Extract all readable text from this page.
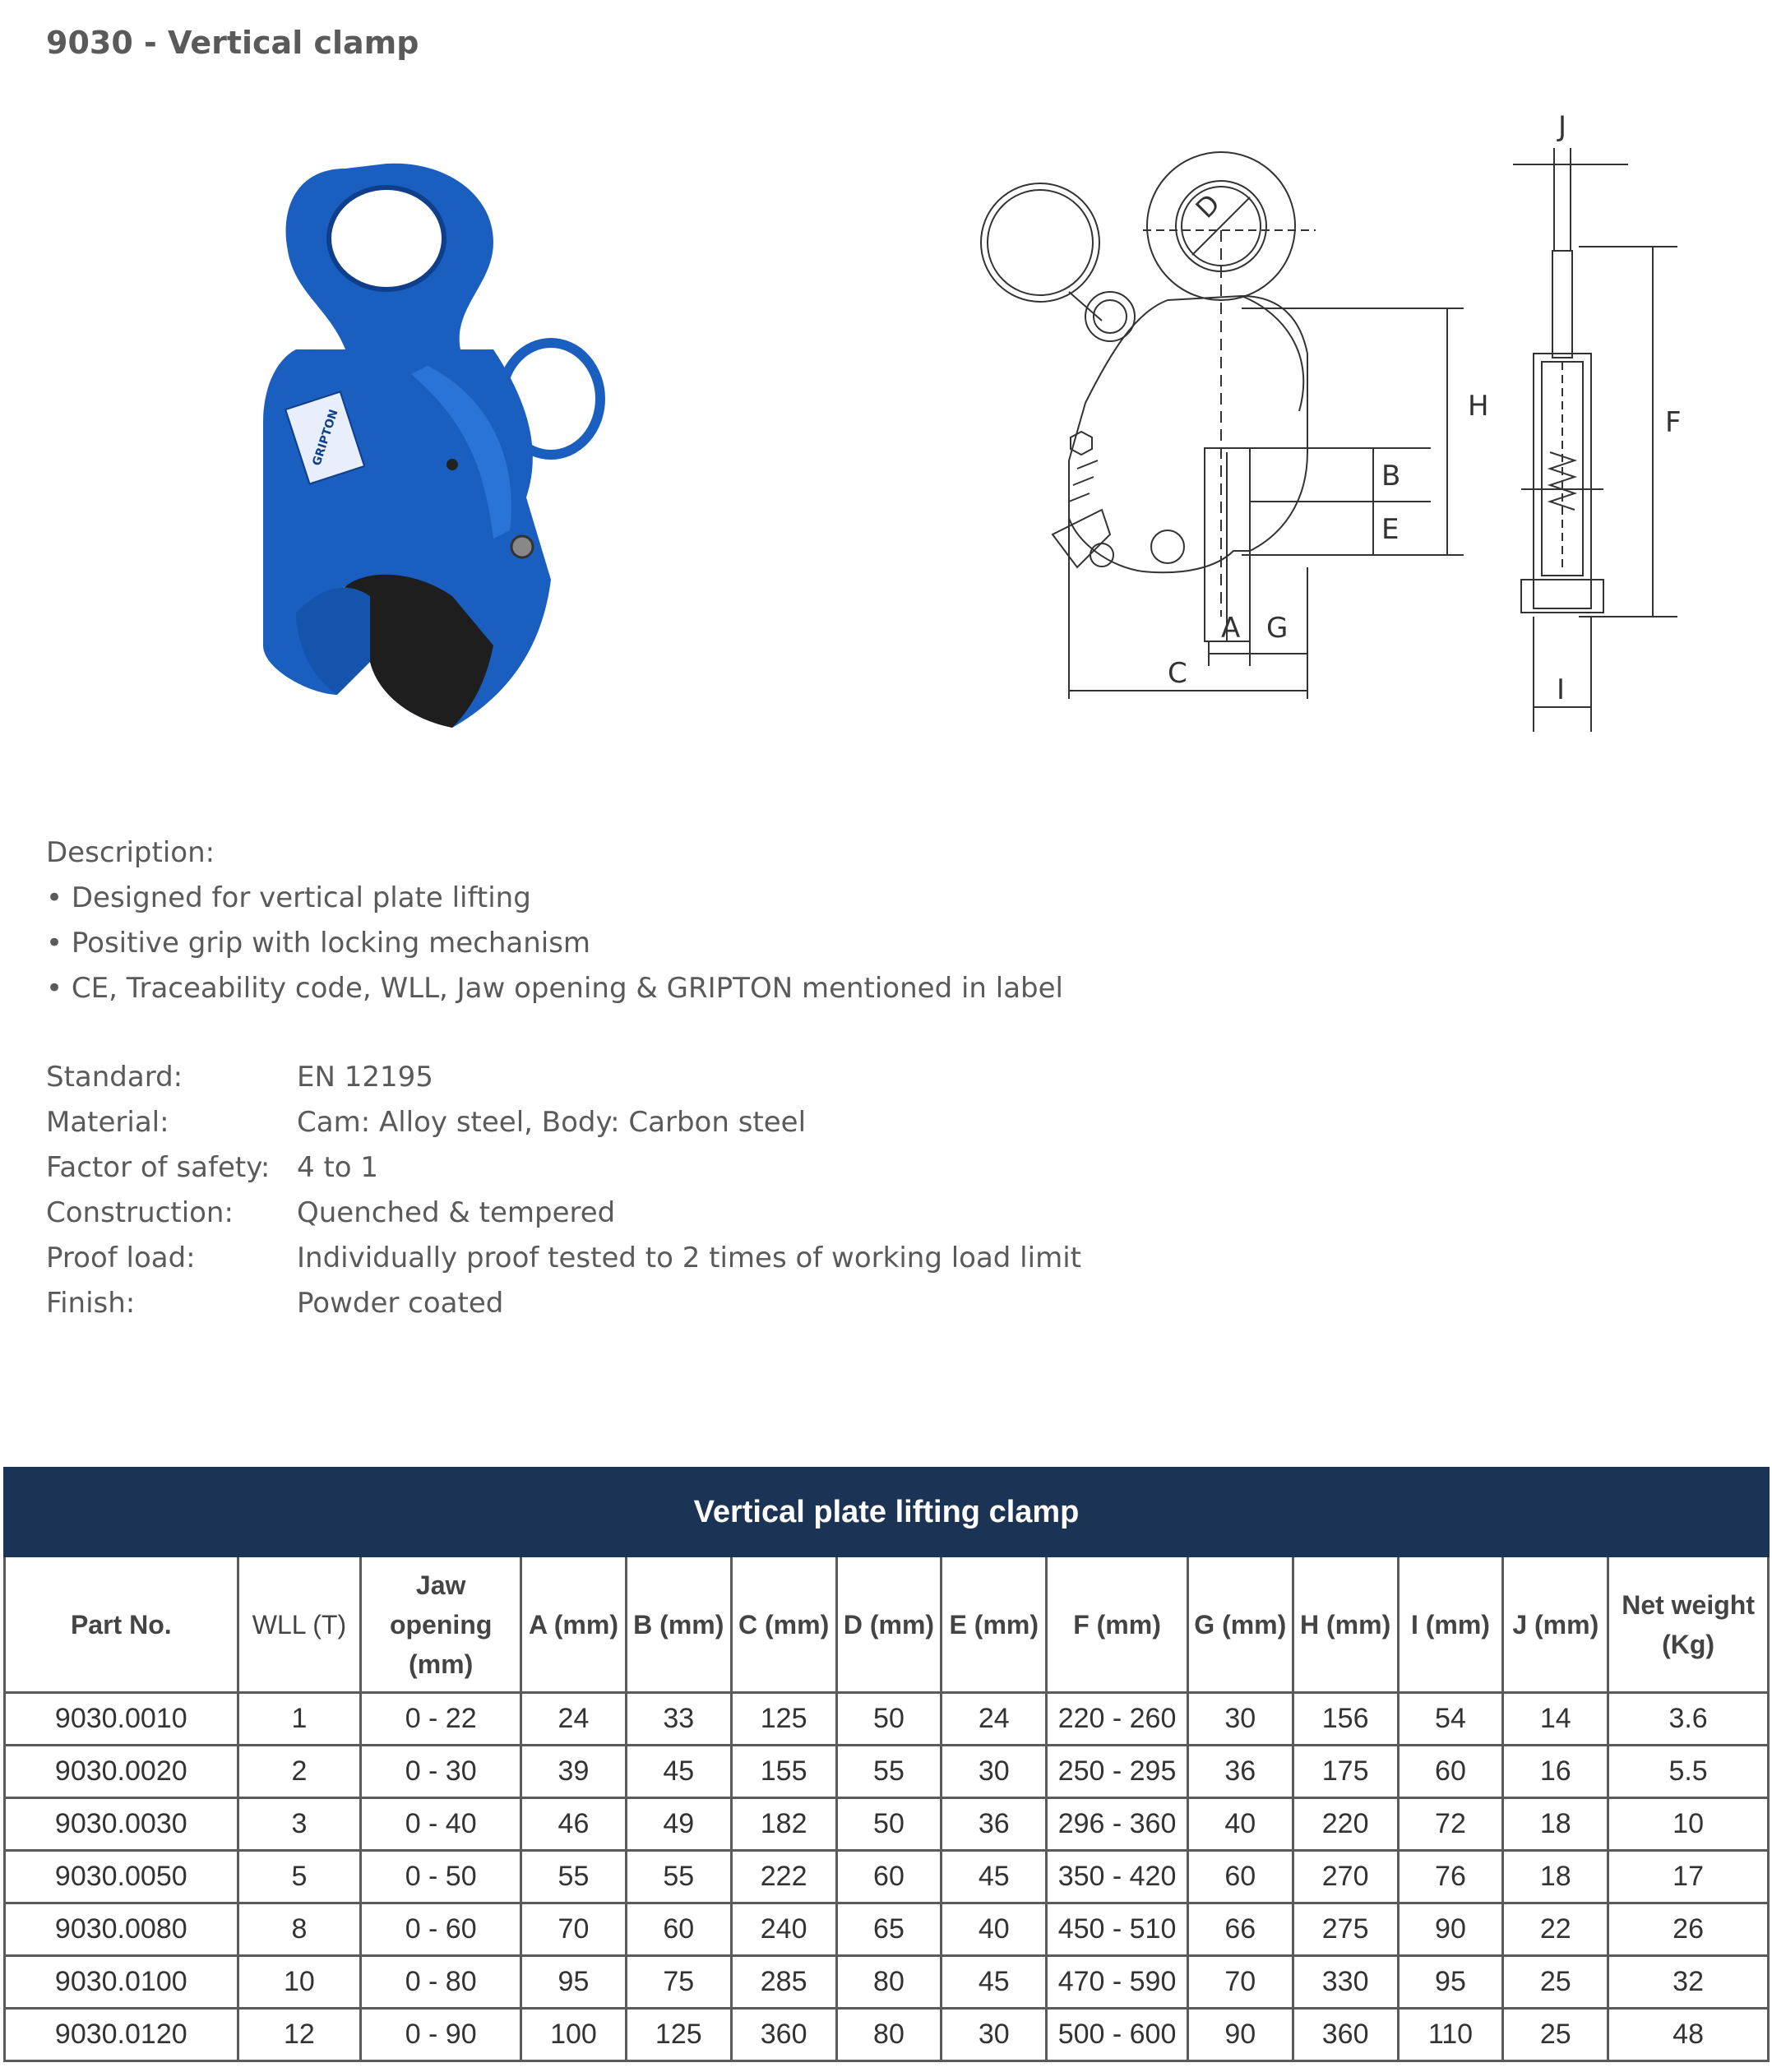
9030 - Vertical clamp
GRIPTON
D
H
B
E
A G
C
J
F
I
Description:
• Designed for vertical plate lifting
• Positive grip with locking mechanism
• CE, Traceability code, WLL, Jaw opening & GRIPTON mentioned in label
Standard:	EN 12195
Material:	Cam: Alloy steel, Body: Carbon steel
Factor of safety: 4 to 1
Construction: Quenched & tempered
Proof load:	Individually proof tested to 2 times of working load limit
Finish:	Powder coated
Vertical plate lifting clamp													
Part No.	WLL (T)	Jaw opening (mm)	A (mm)	B (mm)	C (mm)	D (mm)	E (mm)	F (mm)	G (mm)	H (mm)	I (mm)	J (mm)	Net weight (Kg)
9030.0010	1	0 - 22	24	33	125	50	24	220 - 260	30	156	54	14	3.6
9030.0020	2	0 - 30	39	45	155	55	30	250 - 295	36	175	60	16	5.5
9030.0030	3	0 - 40	46	49	182	50	36	296 - 360	40	220	72	18	10
9030.0050	5	0 - 50	55	55	222	60	45	350 - 420	60	270	76	18	17
9030.0080	8	0 - 60	70	60	240	65	40	450 - 510	66	275	90	22	26
9030.0100	10	0 - 80	95	75	285	80	45	470 - 590	70	330	95	25	32
9030.0120	12	0 - 90	100	125	360	80	30	500 - 600	90	360	110	25	48
